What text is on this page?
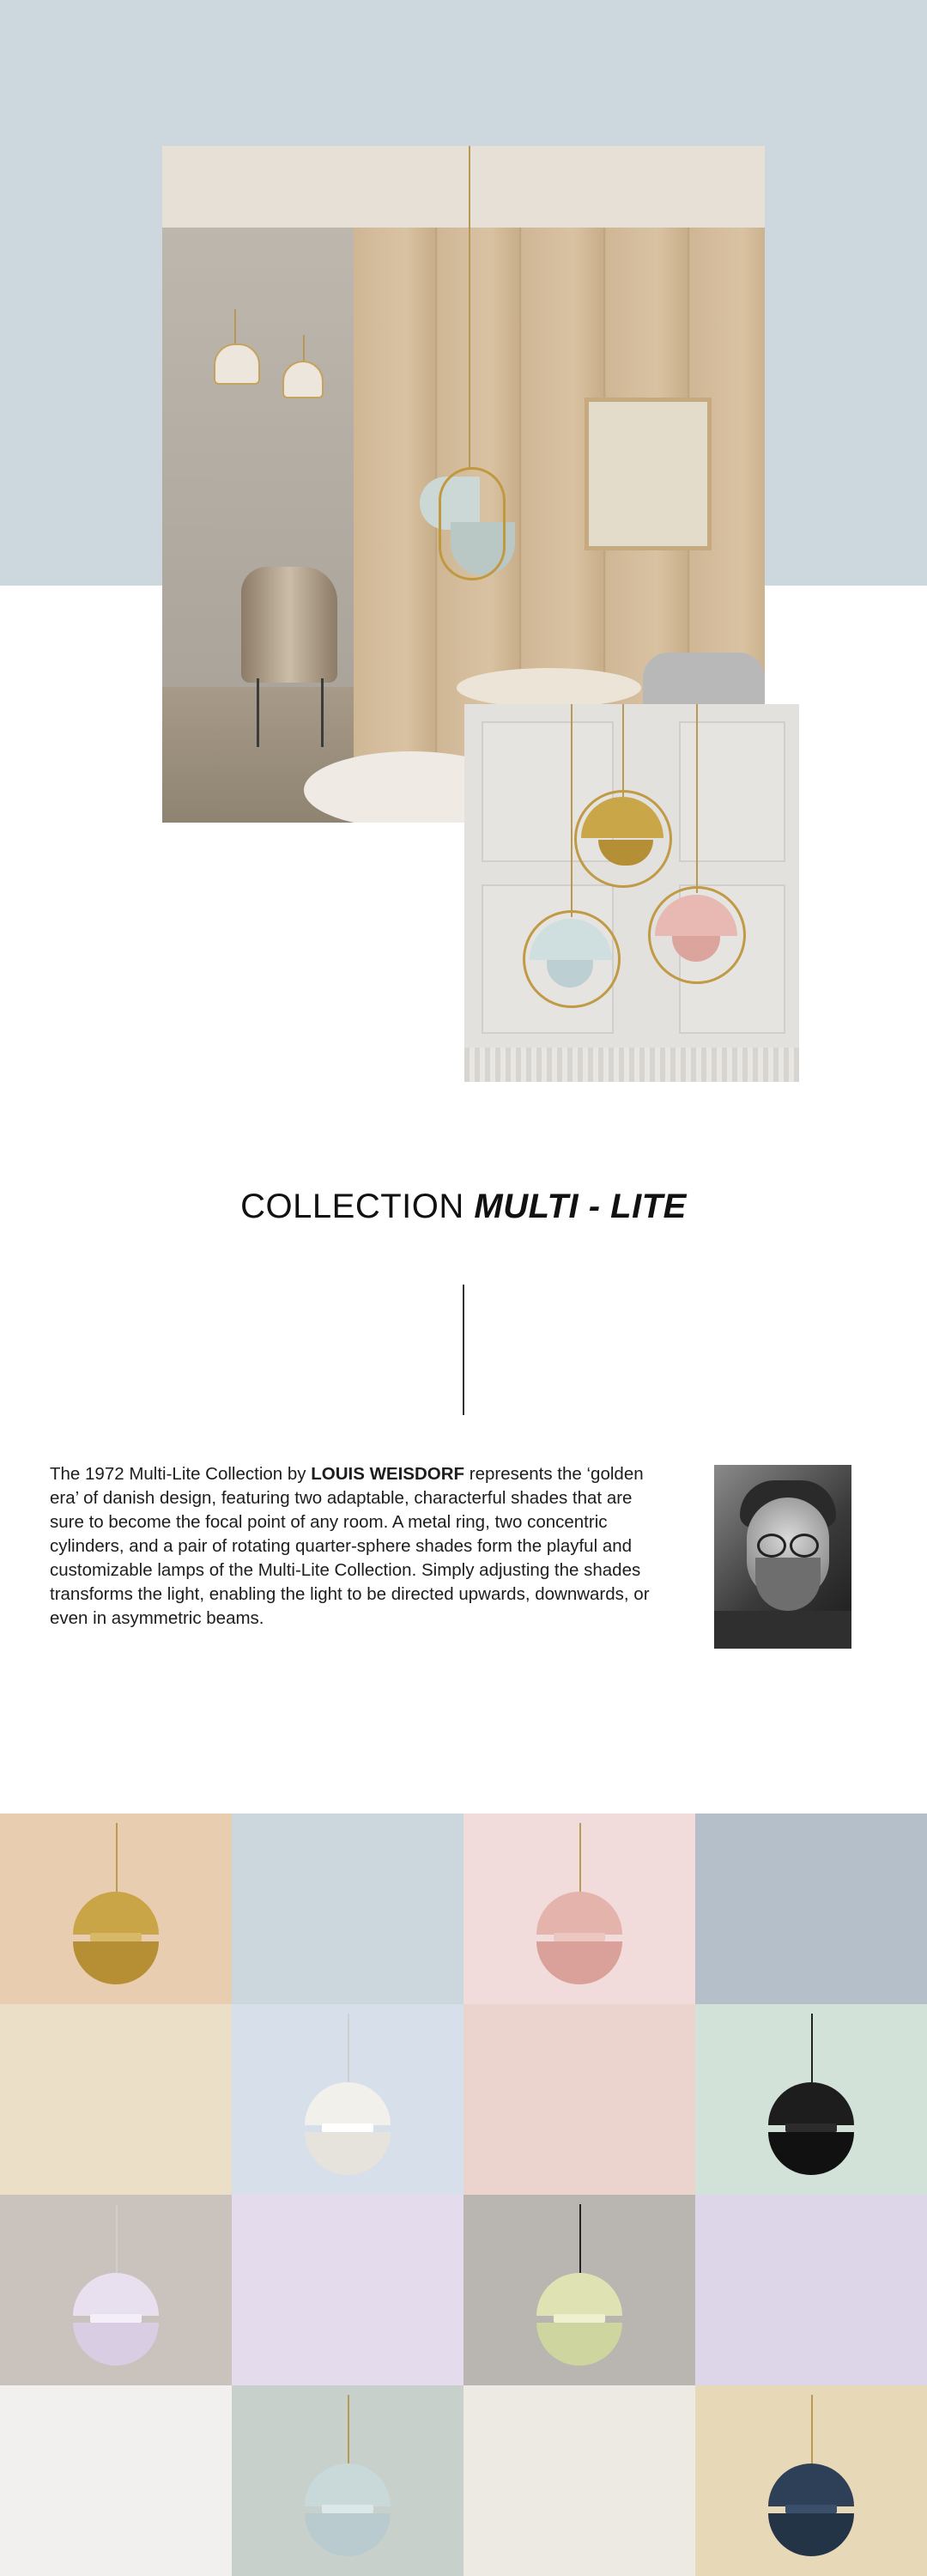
COLLECTION MULTI - LITE
The 1972 Multi-Lite Collection by LOUIS WEISDORF represents the ‘golden era’ of danish design, featuring two adaptable, characterful shades that are sure to become the focal point of any room. A metal ring, two concentric cylinders, and a pair of rotating quarter-sphere shades form the playful and customizable lamps of the Multi-Lite Collection. Simply adjusting the shades transforms the light, enabling the light to be directed upwards, downwards, or even in asymmetric beams.
